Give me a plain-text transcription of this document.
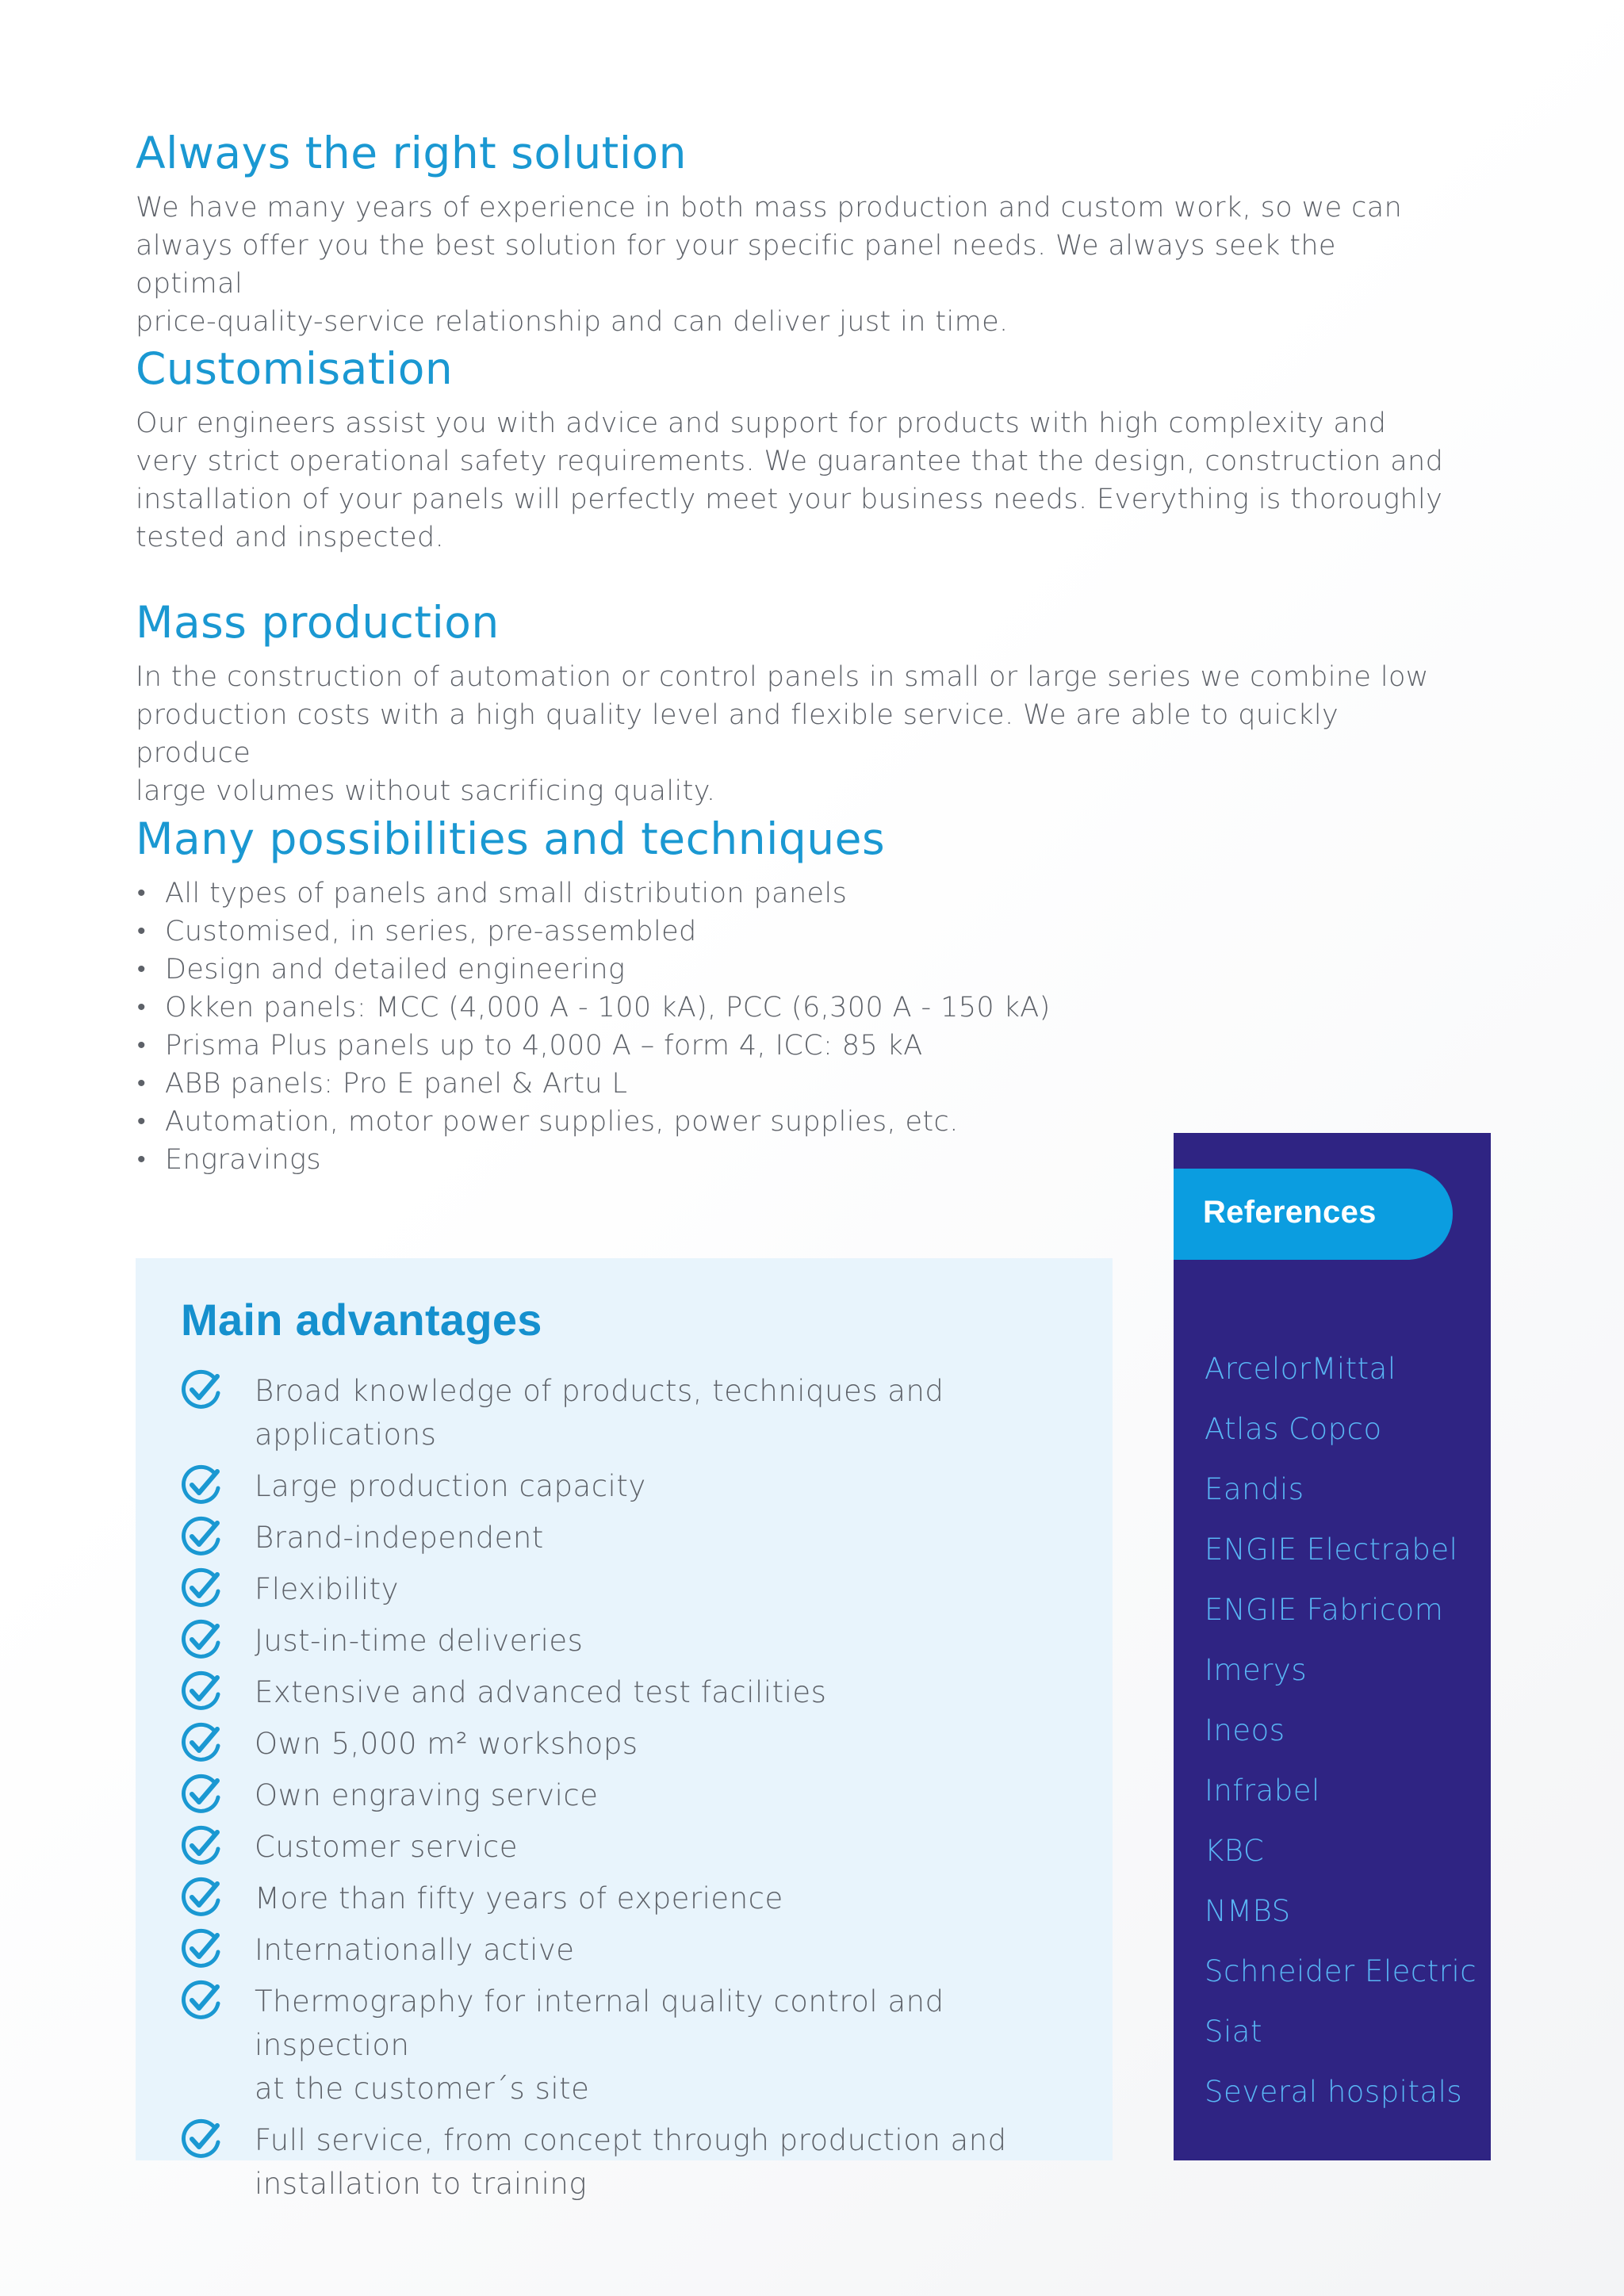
Always the right solution

We have many years of experience in both mass production and custom work, so we can
always offer you the best solution for your specific panel needs. We always seek the optimal
price-quality-service relationship and can deliver just in time.

Customisation

Our engineers assist you with advice and support for products with high complexity and
very strict operational safety requirements. We guarantee that the design, construction and
installation of your panels will perfectly meet your business needs. Everything is thoroughly
tested and inspected.

Mass production

In the construction of automation or control panels in small or large series we combine low
production costs with a high quality level and flexible service. We are able to quickly produce
large volumes without sacrificing quality.

Many possibilities and techniques
• All types of panels and small distribution panels
• Customised, in series, pre-assembled
• Design and detailed engineering
• Okken panels: MCC (4,000 A - 100 kA), PCC (6,300 A - 150 kA)
• Prisma Plus panels up to 4,000 A – form 4, ICC: 85 kA
• ABB panels: Pro E panel & Artu L
• Automation, motor power supplies, power supplies, etc.
• Engravings
Main advantages
Broad knowledge of products, techniques and applications
Large production capacity
Brand-independent
Flexibility
Just-in-time deliveries
Extensive and advanced test facilities
Own 5,000 m² workshops
Own engraving service
Customer service
More than fifty years of experience
Internationally active
Thermography for internal quality control and inspection
at the customer´s site
Full service, from concept through production and
installation to training
References
ArcelorMittal
Atlas Copco
Eandis
ENGIE Electrabel
ENGIE Fabricom
Imerys
Ineos
Infrabel
KBC
NMBS
Schneider Electric
Siat
Several hospitals
